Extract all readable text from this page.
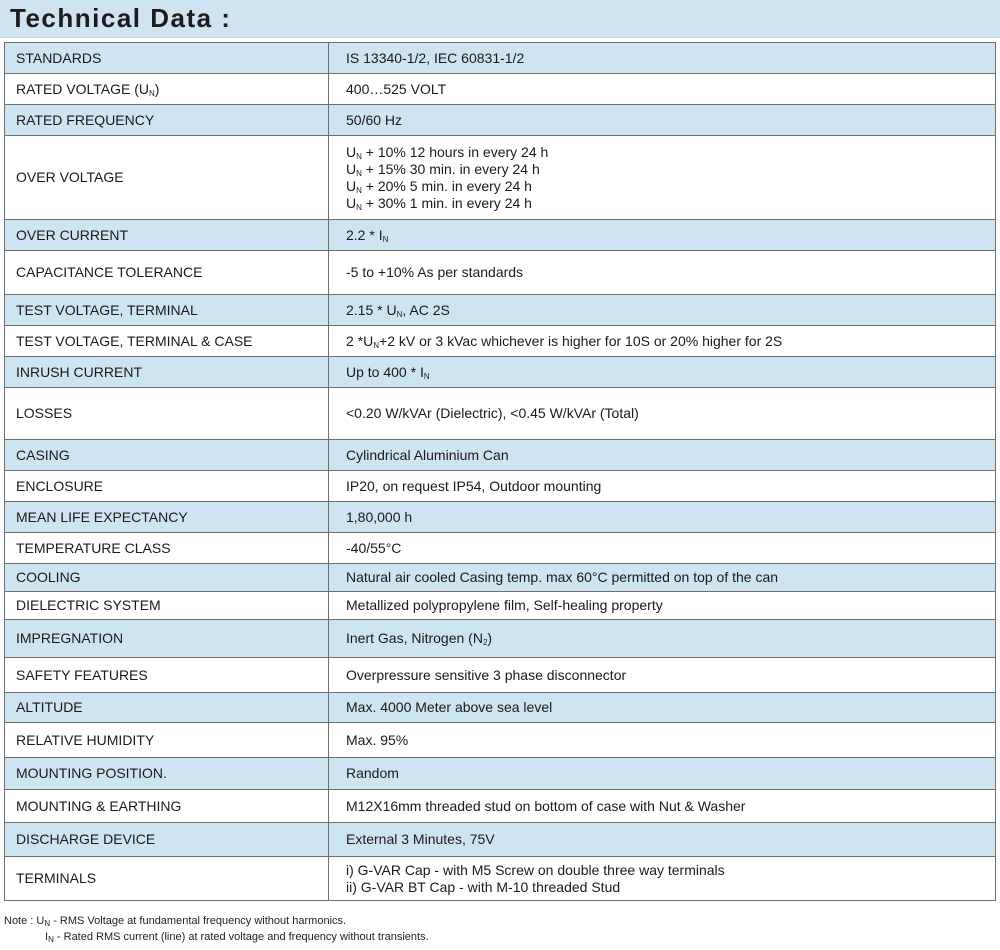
Technical Data :
STANDARDS	IS 13340-1/2, IEC 60831-1/2

RATED VOLTAGE $(U_N)$	400…525 VOLT

RATED FREQUENCY	50/60 Hz

OVER VOLTAGE	$U_N + 10\%$ 12 hours in every 24 h
$U_N + 15\%$ 30 min. in every 24 h
$U_N + 20\%$ 5 min. in every 24 h
$U_N + 30\%$ 1 min. in every 24 h

OVER CURRENT	$2.2 * I_N$

CAPACITANCE TOLERANCE	-5 to +10% As per standards

TEST VOLTAGE, TERMINAL	$2.15 * U_N$, AC 2S

TEST VOLTAGE, TERMINAL & CASE	2 $*U_N+2$ kV or 3 kVac whichever is higher for 10S or 20% higher for 2S

INRUSH CURRENT	Up to $400 * I_N$

LOSSES	<0.20 W/kVAr (Dielectric), <0.45 W/kVAr (Total)

CASING	Cylindrical Aluminium Can

ENCLOSURE	IP20, on request IP54, Outdoor mounting

MEAN LIFE EXPECTANCY	1,80,000 h

TEMPERATURE CLASS	-40/55°C

COOLING	Natural air cooled Casing temp. max 60°C permitted on top of the can

DIELECTRIC SYSTEM	Metallized polypropylene film, Self-healing property

IMPREGNATION	Inert Gas, Nitrogen $(N_2)$

SAFETY FEATURES	Overpressure sensitive 3 phase disconnector

ALTITUDE	Max. 4000 Meter above sea level

RELATIVE HUMIDITY	Max. 95%

MOUNTING POSITION.	Random

MOUNTING & EARTHING	M12X16mm threaded stud on bottom of case with Nut & Washer

DISCHARGE DEVICE	External 3 Minutes, 75V

TERMINALS	i) G-VAR Cap - with M5 Screw on double three way terminals
ii) G-VAR BT Cap - with M-10 threaded Stud
Note : $U_N$ - RMS Voltage at fundamental frequency without harmonics.
$I_N$ - Rated RMS current (line) at rated voltage and frequency without transients.
